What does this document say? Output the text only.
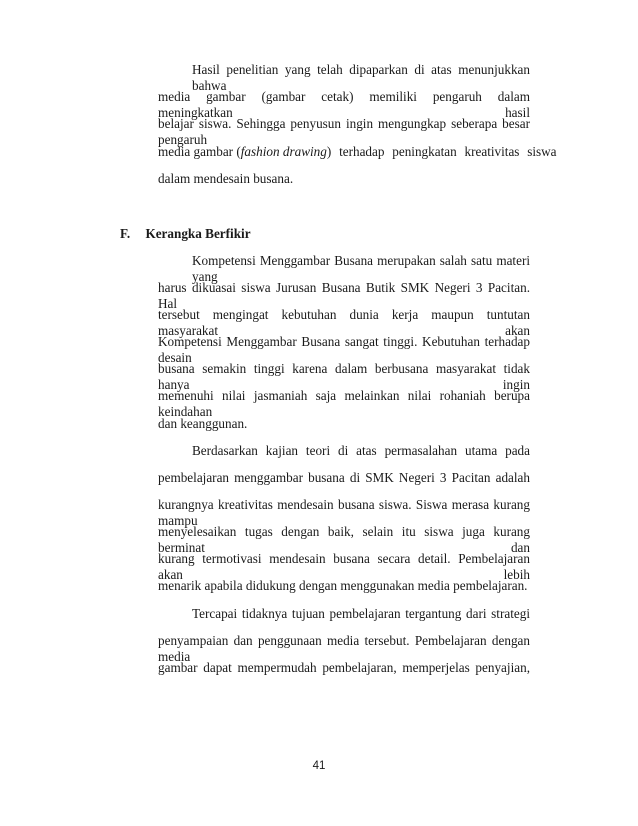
Hasil penelitian yang telah dipaparkan di atas menunjukkan bahwa
media gambar (gambar cetak) memiliki pengaruh dalam meningkatkan hasil
belajar siswa. Sehingga penyusun ingin mengungkap seberapa besar pengaruh
media gambar (fashion drawing) terhadap peningkatan kreativitas siswa
dalam mendesain busana.
F. Kerangka Berfikir
Kompetensi Menggambar Busana merupakan salah satu materi yang
harus dikuasai siswa Jurusan Busana Butik SMK Negeri 3 Pacitan. Hal
tersebut mengingat kebutuhan dunia kerja maupun tuntutan masyarakat akan
Kompetensi Menggambar Busana sangat tinggi. Kebutuhan terhadap desain
busana semakin tinggi karena dalam berbusana masyarakat tidak hanya ingin
memenuhi nilai jasmaniah saja melainkan nilai rohaniah berupa keindahan
dan keanggunan.
Berdasarkan kajian teori di atas permasalahan utama pada
pembelajaran menggambar busana di SMK Negeri 3 Pacitan adalah
kurangnya kreativitas mendesain busana siswa. Siswa merasa kurang mampu
menyelesaikan tugas dengan baik, selain itu siswa juga kurang berminat dan
kurang termotivasi mendesain busana secara detail. Pembelajaran akan lebih
menarik apabila didukung dengan menggunakan media pembelajaran.
Tercapai tidaknya tujuan pembelajaran tergantung dari strategi
penyampaian dan penggunaan media tersebut. Pembelajaran dengan media
gambar dapat mempermudah pembelajaran, memperjelas penyajian,
41
